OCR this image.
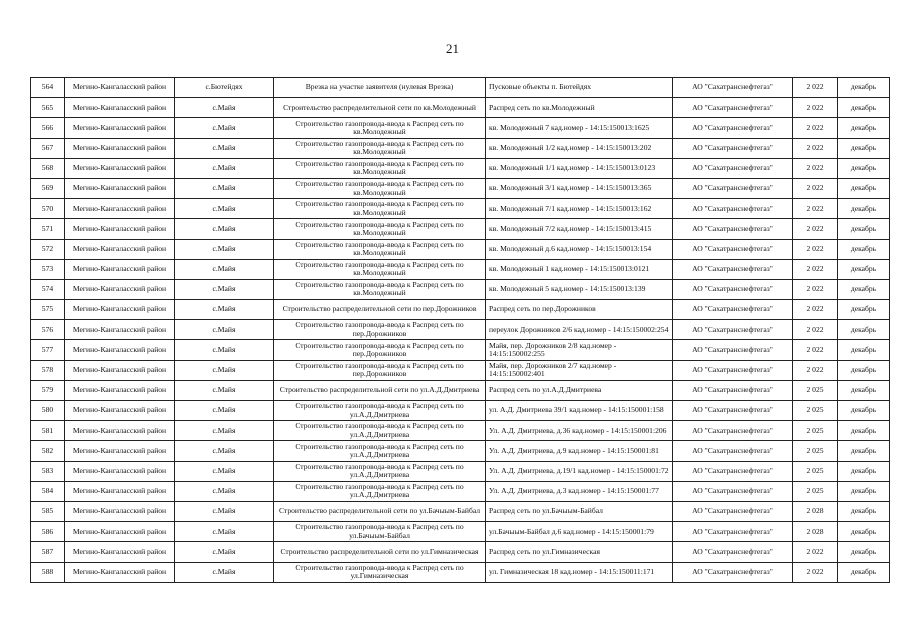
21
564	Мегино-Кангаласский район	с.Бютейдях	Врезка на участке заявителя (нулевая Врезка)	Пусковые объекты п. Бютейдях	АО "Сахатранснефтегаз"	2 022	декабрь
565	Мегино-Кангаласский район	с.Майя	Строительство распределительной сети по кв.Молодежный	Распред сеть по кв.Молодежный	АО "Сахатранснефтегаз"	2 022	декабрь
566	Мегино-Кангаласский район	с.Майя	Строительство газопровода-ввода к Распред сеть по кв.Молодежный	кв. Молодежный 7 кад.номер - 14:15:150013:1625	АО "Сахатранснефтегаз"	2 022	декабрь
567	Мегино-Кангаласский район	с.Майя	Строительство газопровода-ввода к Распред сеть по кв.Молодежный	кв. Молодежный 1/2 кад.номер - 14:15:150013:202	АО "Сахатранснефтегаз"	2 022	декабрь
568	Мегино-Кангаласский район	с.Майя	Строительство газопровода-ввода к Распред сеть по кв.Молодежный	кв. Молодежный 1/1 кад.номер - 14:15:150013:0123	АО "Сахатранснефтегаз"	2 022	декабрь
569	Мегино-Кангаласский район	с.Майя	Строительство газопровода-ввода к Распред сеть по кв.Молодежный	кв. Молодежный 3/1 кад.номер - 14:15:150013:365	АО "Сахатранснефтегаз"	2 022	декабрь
570	Мегино-Кангаласский район	с.Майя	Строительство газопровода-ввода к Распред сеть по кв.Молодежный	кв. Молодежный 7/1 кад.номер - 14:15:150013:162	АО "Сахатранснефтегаз"	2 022	декабрь
571	Мегино-Кангаласский район	с.Майя	Строительство газопровода-ввода к Распред сеть по кв.Молодежный	кв. Молодежный 7/2 кад.номер - 14:15:150013:415	АО "Сахатранснефтегаз"	2 022	декабрь
572	Мегино-Кангаласский район	с.Майя	Строительство газопровода-ввода к Распред сеть по кв.Молодежный	кв. Молодежный д.6 кад.номер - 14:15:150013:154	АО "Сахатранснефтегаз"	2 022	декабрь
573	Мегино-Кангаласский район	с.Майя	Строительство газопровода-ввода к Распред сеть по кв.Молодежный	кв. Молодежный 1 кад.номер - 14:15:150013:0121	АО "Сахатранснефтегаз"	2 022	декабрь
574	Мегино-Кангаласский район	с.Майя	Строительство газопровода-ввода к Распред сеть по кв.Молодежный	кв. Молодежный 5 кад.номер - 14:15:150013:139	АО "Сахатранснефтегаз"	2 022	декабрь
575	Мегино-Кангаласский район	с.Майя	Строительство распределительной сети по пер.Дорожников	Распред сеть по пер.Дорожников	АО "Сахатранснефтегаз"	2 022	декабрь
576	Мегино-Кангаласский район	с.Майя	Строительство газопровода-ввода к Распред сеть по пер.Дорожников	переулок Дорожников 2/6 кад.номер - 14:15:150002:254	АО "Сахатранснефтегаз"	2 022	декабрь
577	Мегино-Кангаласский район	с.Майя	Строительство газопровода-ввода к Распред сеть по пер.Дорожников	Майя, пер. Дорожников 2/8 кад.номер - 14:15:150002:255	АО "Сахатранснефтегаз"	2 022	декабрь
578	Мегино-Кангаласский район	с.Майя	Строительство газопровода-ввода к Распред сеть по пер.Дорожников	Майя, пер. Дорожников 2/7 кад.номер - 14:15:150002:401	АО "Сахатранснефтегаз"	2 022	декабрь
579	Мегино-Кангаласский район	с.Майя	Строительство распределительной сети по ул.А.Д.Дмитриева	Распред сеть по ул.А.Д.Дмитриева	АО "Сахатранснефтегаз"	2 025	декабрь
580	Мегино-Кангаласский район	с.Майя	Строительство газопровода-ввода к Распред сеть по ул.А.Д.Дмитриева	ул. А.Д. Дмитриева 39/1 кад.номер - 14:15:150001:158	АО "Сахатранснефтегаз"	2 025	декабрь
581	Мегино-Кангаласский район	с.Майя	Строительство газопровода-ввода к Распред сеть по ул.А.Д.Дмитриева	Ул. А.Д. Дмитриева, д.36 кад.номер - 14:15:150001:206	АО "Сахатранснефтегаз"	2 025	декабрь
582	Мегино-Кангаласский район	с.Майя	Строительство газопровода-ввода к Распред сеть по ул.А.Д.Дмитриева	Ул. А.Д. Дмитриева, д.9 кад.номер - 14:15:150001:81	АО "Сахатранснефтегаз"	2 025	декабрь
583	Мегино-Кангаласский район	с.Майя	Строительство газопровода-ввода к Распред сеть по ул.А.Д.Дмитриева	Ул. А.Д. Дмитриева, д.19/1 кад.номер - 14:15:150001:72	АО "Сахатранснефтегаз"	2 025	декабрь
584	Мегино-Кангаласский район	с.Майя	Строительство газопровода-ввода к Распред сеть по ул.А.Д.Дмитриева	Ул. А.Д. Дмитриева, д.3 кад.номер - 14:15:150001:77	АО "Сахатранснефтегаз"	2 025	декабрь
585	Мегино-Кангаласский район	с.Майя	Строительство распределительной сети по ул.Бачыым-Байбал	Распред сеть по ул.Бачыым-Байбал	АО "Сахатранснефтегаз"	2 028	декабрь
586	Мегино-Кангаласский район	с.Майя	Строительство газопровода-ввода к Распред сеть по ул.Бачыым-Байбал	ул.Бачыым-Байбал д.6 кад.номер - 14:15:150001:79	АО "Сахатранснефтегаз"	2 028	декабрь
587	Мегино-Кангаласский район	с.Майя	Строительство распределительной сети по ул.Гимназическая	Распред сеть по ул.Гимназическая	АО "Сахатранснефтегаз"	2 022	декабрь
588	Мегино-Кангаласский район	с.Майя	Строительство газопровода-ввода к Распред сеть по ул.Гимназическая	ул. Гимназическая 18 кад.номер - 14:15:150011:171	АО "Сахатранснефтегаз"	2 022	декабрь
